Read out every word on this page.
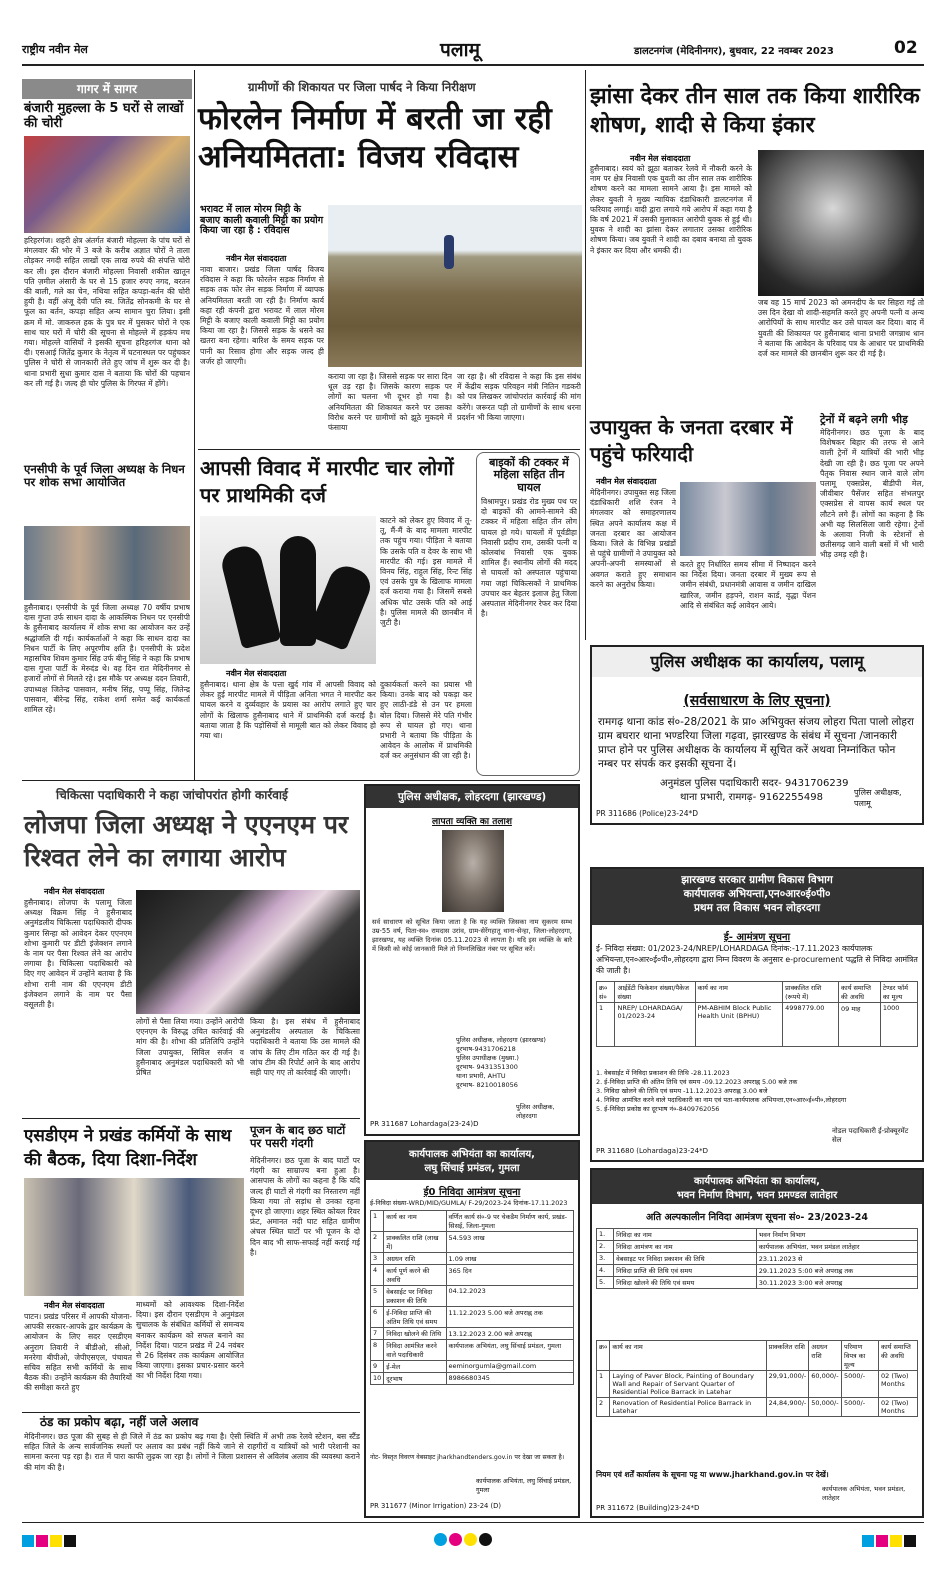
राष्ट्रीय नवीन मेल	पलामू	डालटनगंज (मेदिनीनगर), बुधवार, 22 नवम्बर 2023	02
गागर में सागर
बंजारी मुहल्ला के 5 घरों से लाखों की चोरी
हरिहरगंज। शहरी क्षेत्र अंतर्गत बंजारी मोहल्ला के पांच घरों से मंगलवार की भोर में 3 बजे के करीब अज्ञात चोरों ने ताला तोड़कर नगदी सहित लाखों एक लाख रुपये की संपत्ति चोरी कर ली। इस दौरान बंजारी मोहल्ला निवासी शकील खातून पति ज़मील अंसारी के घर से 15 हजार रुपए नगद, बरतन की बाली, गले का चेन, नथिया सहित कपड़ा-बर्तन की चोरी हुयी है। वहीं अंजू देवी पति स्व. जितेंद्र सोनकमी के घर से फूल का बर्तन, कपड़ा सहित अन्य सामान चुरा लिया। इसी क्रम में मो. जाकरुल हक के पुत्र घर में घुसकर चोरों ने एक साथ चार घरों में चोरी की सूचना से मोहल्ले में हड़कंप मच गया। मोहल्ले वासियों ने इसकी सूचना हरिहरगंज थाना को दी। एसआई जितेंद्र कुमार के नेतृत्व में घटनास्थल पर पहुंचकर पुलिस ने चोरी से जानकारी लेते हुए जांच में शुरू कर दी है। थाना प्रभारी सुधा कुमार दास ने बताया कि चोरों की पहचान कर ली गई है। जल्द ही चोर पुलिस के गिरफ्त में होंगे।
एनसीपी के पूर्व जिला अध्यक्ष के निधन पर शोक सभा आयोजित
हुसैनाबाद। एनसीपी के पूर्व जिला अध्यक्ष 70 वर्षीय प्रभाष दास गुप्ता उर्फ साधन दादा के आकस्मिक निधन पर एनसीपी के हुसैनाबाद कार्यालय में शोक सभा का आयोजन कर उन्हें श्रद्धांजलि दी गई। कार्यकर्ताओं ने कहा कि साधन दादा का निधन पार्टी के लिए अपूरणीय क्षति है। एनसीपी के प्रदेश महासचिव शिवम कुमार सिंह उर्फ बीनू सिंह ने कहा कि प्रभाष दास गुप्ता पार्टी के मेरुदंड थे। वह दिन रात मेदिनीनगर से हजारों लोगों से मिलते रहे। इस मौके पर अध्यक्ष ददन तिवारी, उपाध्यक्ष जितेन्द्र पासवान, मनीष सिंह, पप्पू सिंह, जितेन्द्र पासवान, बीरेन्द्र सिंह, राकेश शर्मा समेत कई कार्यकर्ता शामिल रहे।
ग्रामीणों की शिकायत पर जिला पार्षद ने किया निरीक्षण
फोरलेन निर्माण में बरती जा रही अनियमितता: विजय रविदास
भरावट में लाल मोरम मिट्टी के बजाए काली कवाली मिट्टी का प्रयोग किया जा रहा है : रविदास
नवीन मेल संवाददाता
नावा बाजार। प्रखंड जिला पार्षद विजय रविदास ने कहा कि फोरलेन सड़क निर्माण से सड़क तक फोर लेन सड़क निर्माण में व्यापक अनियमितता बरती जा रही है। निर्माण कार्य कहा रही कंपनी द्वारा भरावट में लाल मोरम मिट्टी के बजाए काली कवाली मिट्टी का प्रयोग किया जा रहा है। जिससे सड़क के धसने का खतरा बना रहेगा। बारिश के समय सड़क पर पानी का रिसाव होगा और सड़क जल्द ही जर्जर हो जाएगी।
कराया जा रहा है। जिससे सड़क पर सारा दिन धूल उड़ रहा है। जिसके कारण सड़क पर लोगों का चलना भी दूभर हो गया है। अनियमितता की शिकायत करने पर उसका विरोध करने पर ग्रामीणों को झूठे मुकदमे में फंसाया
जा रहा है। श्री रविदास ने कहा कि इस संबंध में केंद्रीय सड़क परिवहन मंत्री नितिन गडकरी को पत्र लिखकर जांचोपरांत कार्रवाई की मांग करेंगे। जरूरत पड़ी तो ग्रामीणों के साथ धरना प्रदर्शन भी किया जाएगा।
झांसा देकर तीन साल तक किया शारीरिक शोषण, शादी से किया इंकार
नवीन मेल संवाददाता
हुसैनाबाद। स्वयं को झूठा बताकर रेलवे में नौकरी करने के नाम पर क्षेत्र निवासी एक युवती का तीन साल तक शारीरिक शोषण करने का मामला सामने आया है। इस मामले को लेकर युवती ने मुख्य न्यायिक दंडाधिकारी डालटनगंज में फरियाद लगाई। वादी द्वारा लगाये गये आरोप में कहा गया है कि वर्ष 2021 में उसकी मुलाकात आरोपी युवक से हुई थी। युवक ने शादी का झांसा देकर लगातार उसका शारीरिक शोषण किया। जब युवती ने शादी का दबाव बनाया तो युवक ने इंकार कर दिया और धमकी दी।
जब वह 15 मार्च 2023 को अमनदीप के घर सिहरा गई तो उस दिन देखा वो शादी-सहमति करते हुए अपनी पत्नी व अन्य आरोपियों के साथ मारपीट कर उसे घायल कर दिया। बाद में युवती की शिकायत पर हुसैनाबाद थाना प्रभारी जगन्नाथ धान ने बताया कि आवेदन के परिवाद पत्र के आधार पर प्राथमिकी दर्ज कर मामले की छानबीन शुरू कर दी गई है।
ट्रेनों में बढ़ने लगी भीड़
मेदिनीनगर। छठ पूजा के बाद विशेषकर बिहार की तरफ से आने वाली ट्रेनों में यात्रियों की भारी भीड़ देखी जा रही है। छठ पूजा पर अपने पैतृक निवास स्थान जाने वाले लोग पलामू एक्सप्रेस, बीडीपी मेल, जीवीबार पैसेंजर सहित संभलपुर एक्सप्रेस से वापस कार्य स्थल पर लौटने लगे हैं। लोगों का कहना है कि अभी यह सिलसिला जारी रहेगा। ट्रेनों के अलावा निजी के स्टेशनों से छतीसगढ़ जाने वाली बसों में भी भारी भीड़ उमड़ रही है।
उपायुक्त के जनता दरबार में पहुंचे फरियादी
नवीन मेल संवाददाता
मेदिनीनगर। उपायुक्त सह जिला दंडाधिकारी शशि रंजन ने मंगलवार को समाहरणालय स्थित अपने कार्यालय कक्ष में जनता दरबार का आयोजन किया। जिले के विभिन्न प्रखंडों से पहुंचे ग्रामीणों ने उपायुक्त को अपनी-अपनी समस्याओं से अवगत कराते हुए समाधान करने का अनुरोध किया।
करते हुए निर्धारित समय सीमा में निष्पादन करने का निर्देश दिया। जनता दरबार में मुख्य रूप से जमीन संबंधी, प्रधानमंत्री आवास व जमीन दाखिल खारिज, जमीन हड़पने, राशन कार्ड, वृद्धा पेंशन आदि से संबंधित कई आवेदन आये।
आपसी विवाद में मारपीट चार लोगों पर प्राथमिकी दर्ज
नवीन मेल संवाददाता
हुसैनाबाद। थाना क्षेत्र के पत्ता खुर्द गांव में आपसी विवाद को लेकर हुई मारपीट मामले में पीड़िता अनिता भगत ने मारपीट कर घायल करने व दुर्व्यवहार के प्रयास का आरोप लगाते हुए चार लोगों के खिलाफ हुसैनाबाद थाने में प्राथमिकी दर्ज कराई है। बताया जाता है कि पड़ोसियों से मामूली बात को लेकर विवाद हो गया था।
काटने को लेकर हुए विवाद में तू-तू, मैं-मैं के बाद मामला मारपीट तक पहुंच गया। पीड़िता ने बताया कि उसके पति व देवर के साथ भी मारपीट की गई। इस मामले में विनय सिंह, राहुल सिंह, रिन्ट सिंह एवं उसके पुत्र के खिलाफ मामला दर्ज कराया गया है। जिसमें सबसे अधिक चोट उसके पति को आई है। पुलिस मामले की छानबीन में जुटी है।
दुकार्यकर्ता करने का प्रयास भी किया। उनके बाद को पकड़ा कर हुए लाठी-डंडे से उन पर हमला बोल दिया। जिससे मेरे पति गंभीर रूप से घायल हो गए। थाना प्रभारी ने बताया कि पीड़िता के आवेदन के आलोक में प्राथमिकी दर्ज कर अनुसंधान की जा रही है।
बाइकों की टक्कर में महिला सहित तीन घायल
विश्रामपुर। प्रखंड रोड मुख्य पथ पर दो बाइकों की आमने-सामने की टक्कर में महिला सहित तीन लोग घायल हो गये। घायलों में पूर्वडीहा निवासी प्रदीप राम, उसकी पत्नी व कोलबांध निवासी एक युवक शामिल हैं। स्थानीय लोगों की मदद से घायलों को अस्पताल पहुंचाया गया जहां चिकित्सकों ने प्राथमिक उपचार कर बेहतर इलाज हेतु जिला अस्पताल मेदिनीनगर रेफर कर दिया है।
पुलिस अधीक्षक का कार्यालय, पलामू
(सर्वसाधारण के लिए सूचना)
रामगढ़ थाना कांड सं०-28/2021 के प्रा० अभियुक्त संजय लोहरा पिता पालो लोहरा ग्राम बघरार थाना भण्डरिया जिला गढ़वा, झारखण्ड के संबंध में सूचना /जानकारी प्राप्त होने पर पुलिस अधीक्षक के कार्यालय में सूचित करें अथवा निम्नांकित फोन नम्बर पर संपर्क कर इसकी सूचना दें।
अनुमंडल पुलिस पदाधिकारी सदर- 9431706239
थाना प्रभारी, रामगढ़- 9162255498	पुलिस अधीक्षक, पलामू
PR 311686 (Police)23-24*D
चिकित्सा पदाधिकारी ने कहा जांचोपरांत होगी कार्रवाई
लोजपा जिला अध्यक्ष ने एएनएम पर रिश्वत लेने का लगाया आरोप
नवीन मेल संवाददाता
हुसैनाबाद। लोजपा के पलामू जिला अध्यक्ष विक्रम सिंह ने हुसैनाबाद अनुमंडलीय चिकित्सा पदाधिकारी दीपक कुमार सिन्हा को आवेदन देकर एएनएम शोभा कुमारी पर डीटी इंजेक्शन लगाने के नाम पर पैसा रिश्वत लेने का आरोप लगाया है। चिकित्सा पदाधिकारी को दिए गए आवेदन में उन्होंने बताया है कि शोभा रानी नाम की एएनएम डीटी इंजेक्शन लगाने के नाम पर पैसा वसूलती है।
लोगों से पैसा लिया गया। उन्होंने आरोपी एएनएम के विरुद्ध उचित कार्रवाई की मांग की है। शोभा की प्रतिलिपि उन्होंने जिला उपायुक्त, सिविल सर्जन व हुसैनाबाद अनुमंडल पदाधिकारी को भी प्रेषित
किया है। इस संबंध में हुसैनाबाद अनुमंडलीय अस्पताल के चिकित्सा पदाधिकारी ने बताया कि उस मामले की जांच के लिए टीम गठित कर दी गई है। जांच टीम की रिपोर्ट आने के बाद आरोप सही पाए गए तो कार्रवाई की जाएगी।
पुलिस अधीक्षक, लोहरदगा (झारखण्ड)
लापता व्यक्ति का तलाश
सर्व साधारण को सूचित किया जाता है कि यह व्यक्ति जिसका नाम सुकरम सम्भ उम्र-55 वर्ष, पिता-स्व० रामदास उरांव, ग्राम-सेरेंगहातू थाना-सेन्हा, जिला-लोहरदगा, झारखण्ड, यह व्यक्ति दिनांक 05.11.2023 से लापता है। यदि इस व्यक्ति के बारे में किसी को कोई जानकारी मिले तो निम्नलिखित नंबर पर सूचित करें।
पुलिस अधीक्षक, लोहरदगा (झारखण्ड)
दूरभाष-9431706218
पुलिस उपाधीक्षक (मुख्या.)
दूरभाष- 9431351300
थाना प्रभारी, AHTU
दूरभाष- 8210018056
पुलिस अधीक्षक, लोहरदगा
PR 311687 Lohardaga(23-24)D
झारखण्ड सरकार ग्रामीण विकास विभाग
कार्यपालक अभियन्ता,एन०आर०ई०पी०
प्रथम तल विकास भवन लोहरदगा
ई- आमंत्रण सूचना
ई- निविदा संख्या: 01/2023-24/NREP/LOHARDAGA दिनांक:-17.11.2023 कार्यपालक अभियन्ता,एन०आर०ई०पी०,लोहरदगा द्वारा निम्न विवरण के अनुसार e-procurement पद्धति से निविदा आमंत्रित की जाती है।
क्र० सं०	आईडेंटी फिकेशन संख्या/पैकेज संख्या	कार्य का नाम	प्राक्कलित राशि (रूपये में)	कार्य समाप्ति की अवधि	टेण्डर फॉर्म का मूल्य
1	NREP/ LOHARDAGA/ 01/2023-24	PM-ABHIM Block Public Health Unit (BPHU)	4998779.00	09 माह	1000
1. वेबसाईट में निविदा प्रकाशन की तिथि -28.11.2023
2. ई-निविदा प्राप्ति की अंतिम तिथि एवं समय -09.12.2023 अपराह्न 5.00 बजे तक
3. निविदा खोलने की तिथि एवं समय -11.12.2023 अपराह्न 3.00 बजे
4. निविदा आमंत्रित करने वाले पदाधिकारी का नाम एवं पता-कार्यपालक अभियन्ता,एन०आर०ई०पी०,लोहरदगा
5. ई-निविदा प्रकोष्ठ का दूरभाष नं०-8409762056
नोडल पदाधिकारी ई-प्रोक्यूरमेंट सेल
PR 311680 (Lohardaga)23-24*D
एसडीएम ने प्रखंड कर्मियों के साथ की बैठक, दिया दिशा-निर्देश
नवीन मेल संवाददाता
पाटन। प्रखंड परिसर में आपकी योजना-आपकी सरकार-आपके द्वार कार्यक्रम के आयोजन के लिए सदर एसडीएम अनुराग तिवारी ने बीडीओ, सीओ, मनरेगा बीपीओ, जेपीएसएल, पंचायत सचिव सहित सभी कर्मियों के साथ बैठक की। उन्होंने कार्यक्रम की तैयारियों की समीक्षा करते हुए
माध्यमों को आवश्यक दिशा-निर्देश दिया। इस दौरान एसडीएम ने अनुमंडल सुचालक के संबंधित कर्मियों से समन्वय बनाकर कार्यक्रम को सफल बनाने का निर्देश दिया। पाटन प्रखंड में 24 नवंबर से 26 दिसंबर तक कार्यक्रम आयोजित किया जाएगा। इसका प्रचार-प्रसार करने का भी निर्देश दिया गया।
पूजन के बाद छठ घाटों पर पसरी गंदगी
मेदिनीनगर। छठ पूजा के बाद घाटों पर गंदगी का साम्राज्य बना हुआ है। आसपास के लोगों का कहना है कि यदि जल्द ही घाटों से गंदगी का निस्तारण नहीं किया गया तो सड़ांध से उनका रहना दूभर हो जाएगा। शहर स्थित कोयल रिवर फ्रंट, अमानत नदी घाट सहित ग्रामीण अंचल स्थित घाटों पर भी पूजन के दो दिन बाद भी साफ-सफाई नहीं कराई गई है।
ठंड का प्रकोप बढ़ा, नहीं जले अलाव
मेदिनीनगर। छठ पूजा की सुबह से ही जिले में ठंड का प्रकोप बढ़ गया है। ऐसी स्थिति में अभी तक रेलवे स्टेशन, बस स्टैंड सहित जिले के अन्य सार्वजनिक स्थलों पर अलाव का प्रबंध नहीं किये जाने से राहगीरों व यात्रियों को भारी परेशानी का सामना करना पड़ रहा है। रात में पारा काफी लुढ़क जा रहा है। लोगों ने जिला प्रशासन से अविलंब अलाव की व्यवस्था कराने की मांग की है।
कार्यपालक अभियंता का कार्यालय,
लघु सिंचाई प्रमंडल, गुमला
ई0 निविदा आमंत्रण सूचना
ई-निविदा संख्या-WRD/MID/GUMLA/ F-29/2023-24 दिनांक-17.11.2023
1	कार्य का नाम	वर्णित कार्य सं०-9 पर चेकडैम निर्माण कार्य, प्रखंड- सिसई, जिला-गुमला
2	प्राक्कलित राशि (लाख में)	54.593 लाख
3	अग्रधन राशि	1.09 लाख
4	कार्य पूर्ण करने की अवधि	365 दिन
5	वेबसाईट पर निविदा प्रकाशन की तिथि	04.12.2023
6	ई-निविदा प्राप्ति की अंतिम तिथि एवं समय	11.12.2023 5.00 बजे अपराह्न तक
7	निविदा खोलने की तिथि	13.12.2023 2.00 बजे अपराह्न
8	निविदा आमंत्रित करने वाले पदाधिकारी	कार्यपालक अभियंता, लघु सिंचाई प्रमंडल, गुमला
9	ई-मेल	eeminorgumla@gmail.com
10	दूरभाष	8986680345
नोट- विस्तृत विवरण वेबसाइट jharkhandtenders.gov.in पर देखा जा सकता है।
कार्यपालक अभियंता, लघु सिंचाई प्रमंडल, गुमला
PR 311677 (Minor Irrigation) 23-24 (D)
कार्यपालक अभियंता का कार्यालय,
भवन निर्माण विभाग, भवन प्रमण्डल लातेहार
अति अल्पकालीन निविदा आमंत्रण सूचना सं०- 23/2023-24
1.	निविदा का नाम	भवन निर्माण विभाग
2.	निविदा आमंत्रण का नाम	कार्यपालक अभियंता, भवन प्रमंडल लातेहार
3.	वेबसाइट पर निविदा प्रकाशन की तिथि	23.11.2023 से
4.	निविदा प्राप्ति की तिथि एवं समय	29.11.2023 5:00 बजे अपराह्न तक
5.	निविदा खोलने की तिथि एवं समय	30.11.2023 3:00 बजे अपराह्न
क्र०	कार्य का नाम	प्राक्कलित राशि	अग्रधन राशि	परिमाण विपत्र का मूल्य	कार्य समाप्ति की अवधि
1	Laying of Paver Block, Painting of Boundary Wall and Repair of Servant Quarter of Residential Police Barrack in Latehar	29,91,000/-	60,000/-	5000/-	02 (Two) Months
2	Renovation of Residential Police Barrack in Latehar	24,84,900/-	50,000/-	5000/-	02 (Two) Months
नियम एवं शर्तें कार्यालय के सूचना पट्ट या www.jharkhand.gov.in पर देखें।
कार्यपालक अभियंता, भवन प्रमंडल, लातेहार
PR 311672 (Building)23-24*D
